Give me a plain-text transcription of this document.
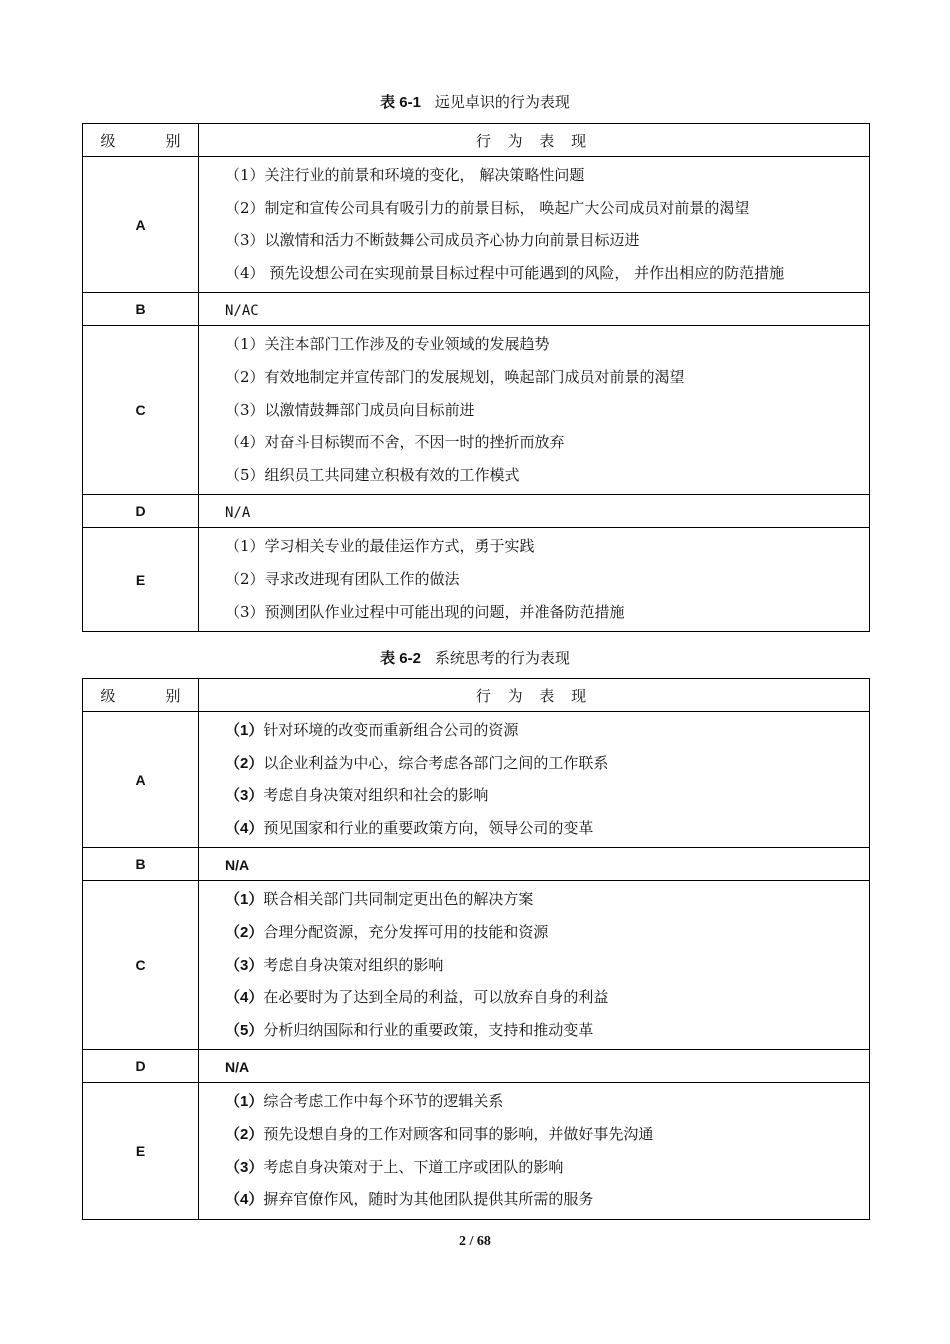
表 6-1 远见卓识的行为表现
级 别	行 为 表 现
A	（1）关注行业的前景和环境的变化， 解决策略性问题
（2）制定和宣传公司具有吸引力的前景目标， 唤起广大公司成员对前景的渴望
（3）以激情和活力不断鼓舞公司成员齐心协力向前景目标迈进
（4） 预先设想公司在实现前景目标过程中可能遇到的风险， 并作出相应的防范措施

B	N/AC
C	（1）关注本部门工作涉及的专业领域的发展趋势
（2）有效地制定并宣传部门的发展规划，唤起部门成员对前景的渴望
（3）以激情鼓舞部门成员向目标前进
（4）对奋斗目标锲而不舍，不因一时的挫折而放弃
（5）组织员工共同建立积极有效的工作模式

D	N/A
E	（1）学习相关专业的最佳运作方式，勇于实践
（2）寻求改进现有团队工作的做法
（3）预测团队作业过程中可能出现的问题，并准备防范措施
表 6-2 系统思考的行为表现
级 别	行 为 表 现
A	（1）针对环境的改变而重新组合公司的资源
（2）以企业利益为中心，综合考虑各部门之间的工作联系
（3）考虑自身决策对组织和社会的影响
（4）预见国家和行业的重要政策方向，领导公司的变革

B	N/A
C	（1）联合相关部门共同制定更出色的解决方案
（2）合理分配资源，充分发挥可用的技能和资源
（3）考虑自身决策对组织的影响
（4）在必要时为了达到全局的利益，可以放弃自身的利益
（5）分析归纳国际和行业的重要政策，支持和推动变革

D	N/A
E	（1）综合考虑工作中每个环节的逻辑关系
（2）预先设想自身的工作对顾客和同事的影响，并做好事先沟通
（3）考虑自身决策对于上、下道工序或团队的影响
（4）摒弃官僚作风，随时为其他团队提供其所需的服务
2 / 68
